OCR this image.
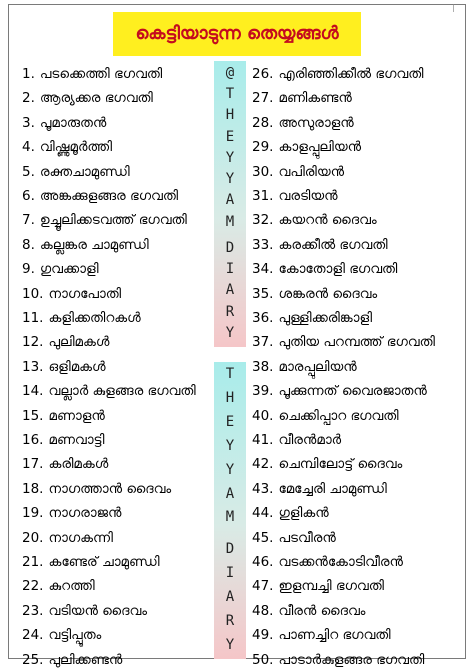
|
കെട്ടിയാടുന്ന തെയ്യങ്ങൾ
@
T
H
E
Y
Y
A
M
D
I
A
R
Y
T
H
E
Y
Y
A
M
D
I
A
R
Y
1. പടക്കെത്തി ഭഗവതി
2. ആര്യക്കര ഭഗവതി
3. പൂമാരുതൻ
4. വിഷ്ണുമൂർത്തി
5. രക്തചാമുണ്ഡി
6. അങ്കക്കുളങ്ങര ഭഗവതി
7. ഉച്ചൂലിക്കടവത്ത് ഭഗവതി
8. കല്ലങ്കര ചാമുണ്ഡി
9. ഗുവക്കാളി
10. നാഗപോതി
11. കളിക്കതിറകൾ
12. പുലിമകൾ
13. ഒളിമകൾ
14. വല്ലാർ കുളങ്ങര ഭഗവതി
15. മണാളൻ
16. മണവാട്ടി
17. കരിമകൾ
18. നാഗത്താൻ ദൈവം
19. നാഗരാജൻ
20. നാഗകന്നി
21. കണ്ടേര് ചാമുണ്ഡി
22. കുറത്തി
23. വടിയൻ ദൈവം
24. വട്ടിപ്പൂതം
25. പുലിക്കണ്ടൻ
26. എരിഞ്ഞിക്കീൽ ഭഗവതി
27. മണികണ്ടൻ
28. അസുരാളൻ
29. കാളപ്പുലിയൻ
30. വപിരിയൻ
31. വരടിയൻ
32. കയറൻ ദൈവം
33. കരക്കീൽ ഭഗവതി
34. കോതോളി ഭഗവതി
35. ശങ്കരൻ ദൈവം
36. പുള്ളിക്കരിങ്കാളി
37. പുതിയ പറമ്പത്ത് ഭഗവതി
38. മാരപ്പുലിയൻ
39. പൂക്കുന്നത് വൈരജാതൻ
40. ചെക്കിപ്പാറ ഭഗവതി
41. വീരൻമാർ
42. ചെമ്പിലോട്ട് ദൈവം
43. മേച്ചേരി ചാമുണ്ഡി
44. ഗുളികൻ
45. പടവീരൻ
46. വടക്കൻകോടിവീരൻ
47. ഇളമ്പച്ചി ഭഗവതി
48. വീരൻ ദൈവം
49. പാണച്ചിറ ഭഗവതി
50. പാടാർകുളങ്ങര ഭഗവതി
